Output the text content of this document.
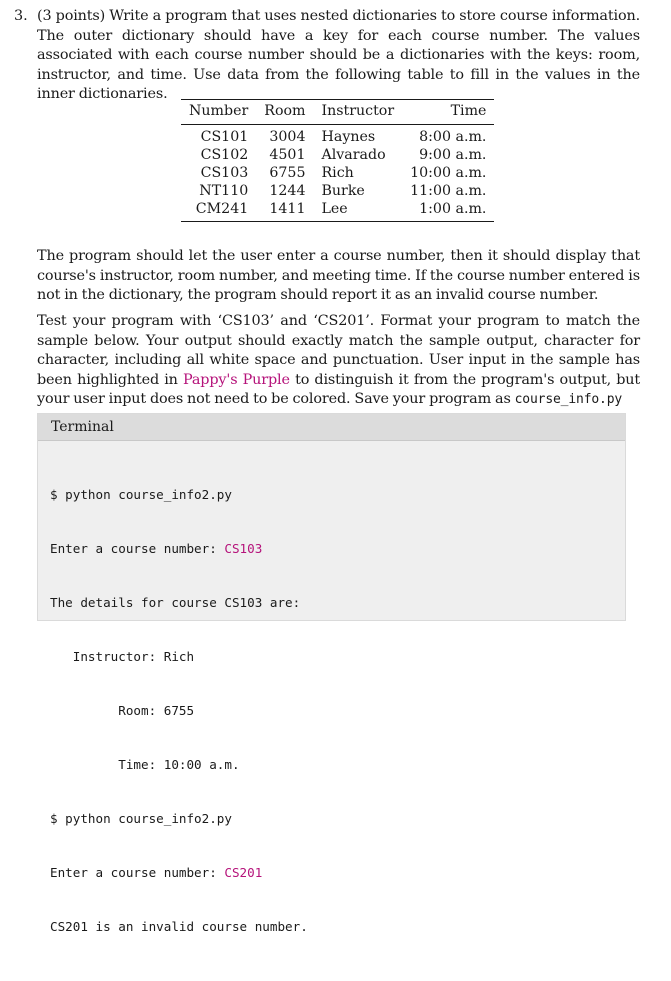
3. (3 points) Write a program that uses nested dictionaries to store course information. The outer dictionary should have a key for each course number. The values associated with each course number should be a dictionaries with the keys: room, instructor, and time. Use data from the following table to fill in the values in the inner dictionaries.
Number	Room	Instructor	Time
CS101	3004	Haynes	8:00 a.m.
CS102	4501	Alvarado	9:00 a.m.
CS103	6755	Rich	10:00 a.m.
NT110	1244	Burke	11:00 a.m.
CM241	1411	Lee	1:00 a.m.
The program should let the user enter a course number, then it should display that course's instructor, room number, and meeting time. If the course number entered is not in the dictionary, the program should report it as an invalid course number.
Test your program with ‘CS103’ and ‘CS201’. Format your program to match the sample below. Your output should exactly match the sample output, character for character, including all white space and punctuation. User input in the sample has been highlighted in Pappy's Purple to distinguish it from the program's output, but your user input does not need to be colored. Save your program as course_info.py
Terminal

$ python course_info2.py

Enter a course number: CS103

The details for course CS103 are:

Instructor: Rich

Room: 6755

Time: 10:00 a.m.

$ python course_info2.py

Enter a course number: CS201

CS201 is an invalid course number.
